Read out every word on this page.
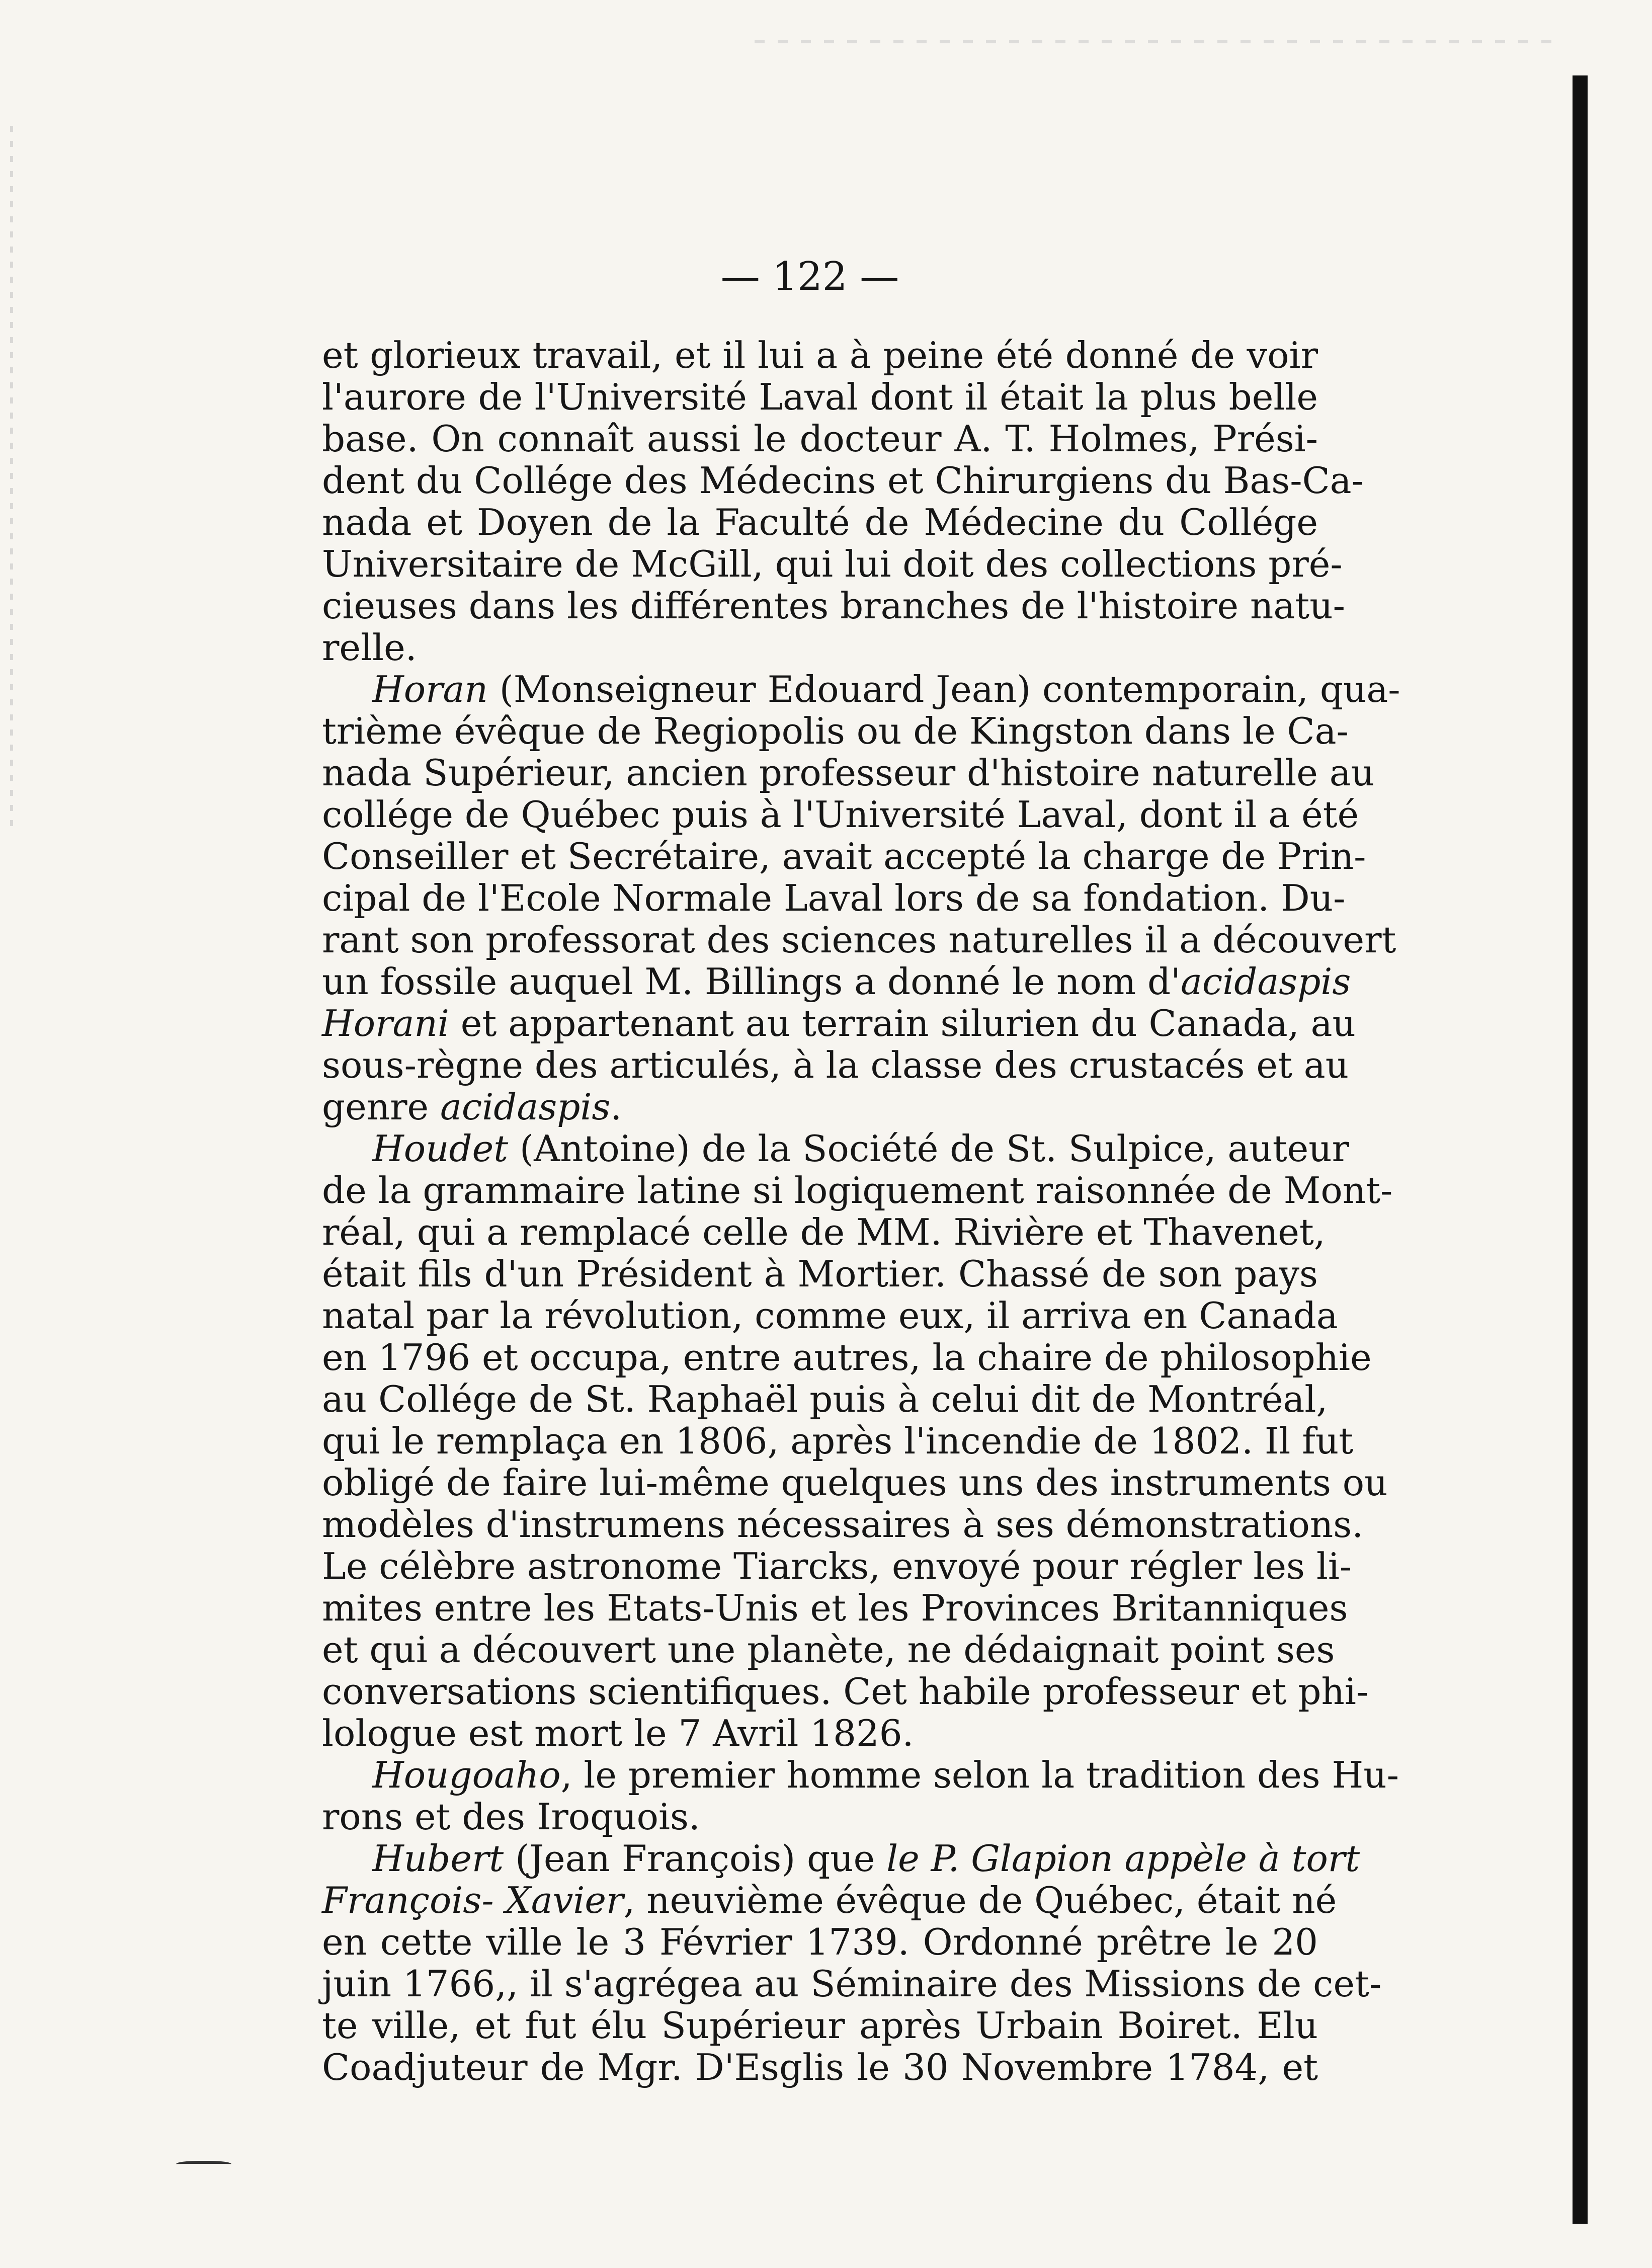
— 122 —
et glorieux travail, et il lui a à peine été donné de voir
l'aurore de l'Université Laval dont il était la plus belle
base. On connaît aussi le docteur A. T. Holmes, Prési-
dent du Collége des Médecins et Chirurgiens du Bas-Ca-
nada et Doyen de la Faculté de Médecine du Collége
Universitaire de McGill, qui lui doit des collections pré-
cieuses dans les différentes branches de l'histoire natu-
relle.
Horan (Monseigneur Edouard Jean) contemporain, qua-
trième évêque de Regiopolis ou de Kingston dans le Ca-
nada Supérieur, ancien professeur d'histoire naturelle au
collége de Québec puis à l'Université Laval, dont il a été
Conseiller et Secrétaire, avait accepté la charge de Prin-
cipal de l'Ecole Normale Laval lors de sa fondation. Du-
rant son professorat des sciences naturelles il a découvert
un fossile auquel M. Billings a donné le nom d'acidaspis
Horani et appartenant au terrain silurien du Canada, au
sous-règne des articulés, à la classe des crustacés et au
genre acidaspis.
Houdet (Antoine) de la Société de St. Sulpice, auteur
de la grammaire latine si logiquement raisonnée de Mont-
réal, qui a remplacé celle de MM. Rivière et Thavenet,
était fils d'un Président à Mortier. Chassé de son pays
natal par la révolution, comme eux, il arriva en Canada
en 1796 et occupa, entre autres, la chaire de philosophie
au Collége de St. Raphaël puis à celui dit de Montréal,
qui le remplaça en 1806, après l'incendie de 1802. Il fut
obligé de faire lui-même quelques uns des instruments ou
modèles d'instrumens nécessaires à ses démonstrations.
Le célèbre astronome Tiarcks, envoyé pour régler les li-
mites entre les Etats-Unis et les Provinces Britanniques
et qui a découvert une planète, ne dédaignait point ses
conversations scientifiques. Cet habile professeur et phi-
lologue est mort le 7 Avril 1826.
Hougoaho, le premier homme selon la tradition des Hu-
rons et des Iroquois.
Hubert (Jean François) que le P. Glapion appèle à tort
François- Xavier, neuvième évêque de Québec, était né
en cette ville le 3 Février 1739. Ordonné prêtre le 20
juin 1766,, il s'agrégea au Séminaire des Missions de cet-
te ville, et fut élu Supérieur après Urbain Boiret. Elu
Coadjuteur de Mgr. D'Esglis le 30 Novembre 1784, et
